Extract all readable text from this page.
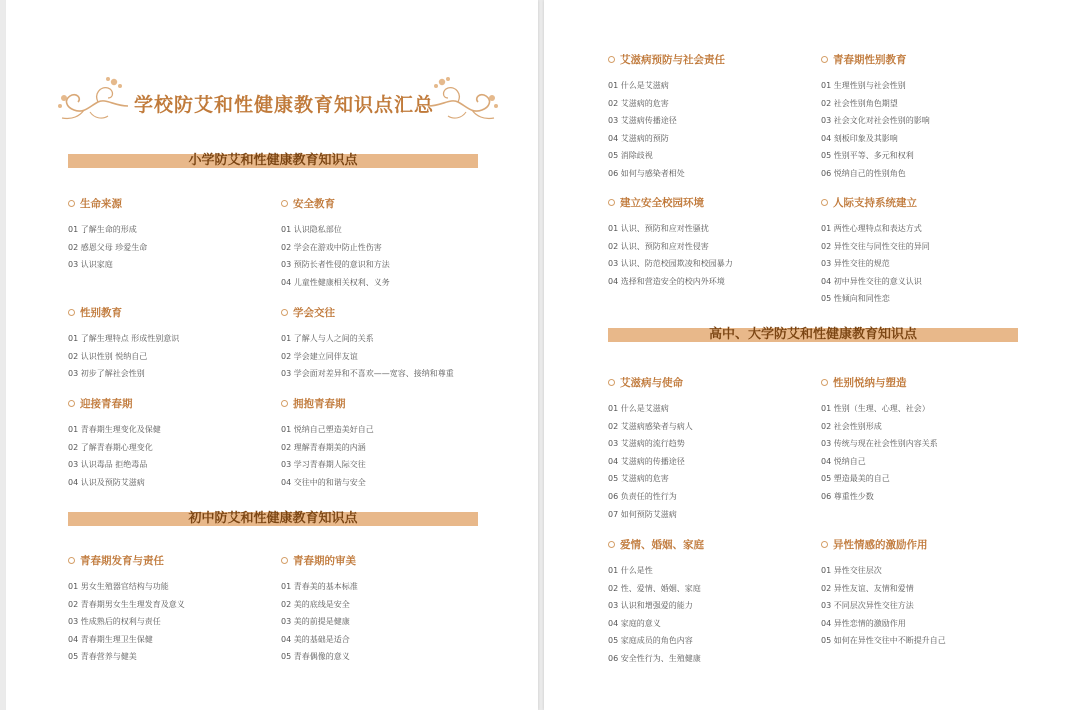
学校防艾和性健康教育知识点汇总
小学防艾和性健康教育知识点
初中防艾和性健康教育知识点
生命来源
01 了解生命的形成
02 感恩父母 珍爱生命
03 认识家庭
安全教育
01 认识隐私部位
02 学会在游戏中防止性伤害
03 预防长者性侵的意识和方法
04 儿童性健康相关权利、义务
性别教育
01 了解生理特点 形成性别意识
02 认识性别 悦纳自己
03 初步了解社会性别
学会交往
01 了解人与人之间的关系
02 学会建立同伴友谊
03 学会面对差异和不喜欢——宽容、接纳和尊重
迎接青春期
01 青春期生理变化及保健
02 了解青春期心理变化
03 认识毒品 拒绝毒品
04 认识及预防艾滋病
拥抱青春期
01 悦纳自己塑造美好自己
02 理解青春期美的内涵
03 学习青春期人际交往
04 交往中的和谐与安全
青春期发育与责任
01 男女生殖器官结构与功能
02 青春期男女生生理发育及意义
03 性成熟后的权利与责任
04 青春期生理卫生保健
05 青春营养与健美
青春期的审美
01 青春美的基本标准
02 美的底线是安全
03 美的前提是健康
04 美的基础是适合
05 青春偶像的意义
高中、大学防艾和性健康教育知识点
艾滋病预防与社会责任
01 什么是艾滋病
02 艾滋病的危害
03 艾滋病传播途径
04 艾滋病的预防
05 消除歧视
06 如何与感染者相处
青春期性别教育
01 生理性别与社会性别
02 社会性别角色期望
03 社会文化对社会性别的影响
04 刻板印象及其影响
05 性别平等、多元和权利
06 悦纳自己的性别角色
建立安全校园环境
01 认识、预防和应对性骚扰
02 认识、预防和应对性侵害
03 认识、防范校园欺凌和校园暴力
04 选择和营造安全的校内外环境
人际支持系统建立
01 两性心理特点和表达方式
02 异性交往与同性交往的异同
03 异性交往的规范
04 初中异性交往的意义认识
05 性倾向和同性恋
艾滋病与使命
01 什么是艾滋病
02 艾滋病感染者与病人
03 艾滋病的流行趋势
04 艾滋病的传播途径
05 艾滋病的危害
06 负责任的性行为
07 如何预防艾滋病
性别悦纳与塑造
01 性别（生理、心理、社会）
02 社会性别形成
03 传统与现在社会性别内容关系
04 悦纳自己
05 塑造最美的自己
06 尊重性少数
爱情、婚姻、家庭
01 什么是性
02 性、爱情、婚姻、家庭
03 认识和增强爱的能力
04 家庭的意义
05 家庭成员的角色内容
06 安全性行为、生殖健康
异性情感的激励作用
01 异性交往层次
02 异性友谊、友情和爱情
03 不同层次异性交往方法
04 异性恋情的激励作用
05 如何在异性交往中不断提升自己
